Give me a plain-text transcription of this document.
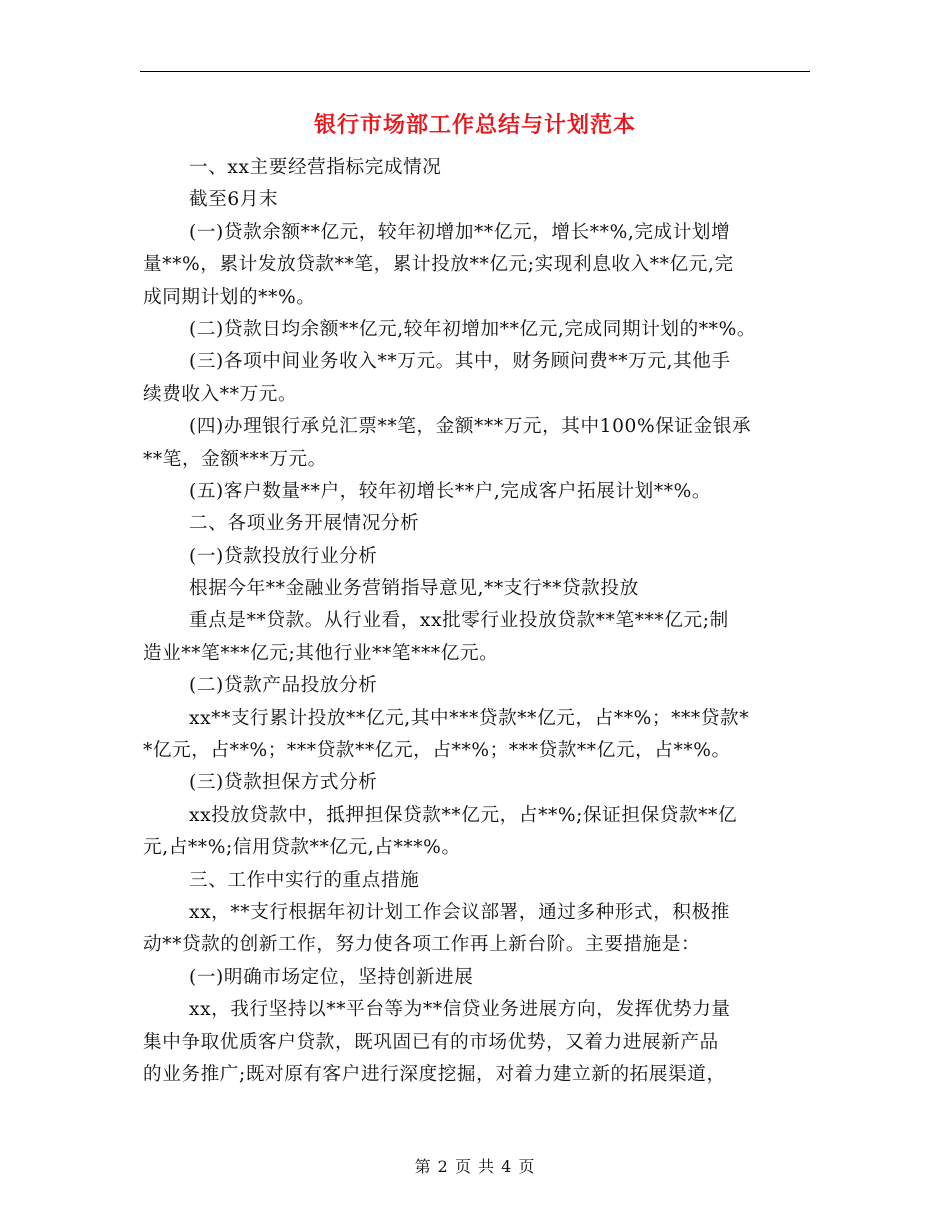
银行市场部工作总结与计划范本
一、xx主要经营指标完成情况
截至6月末
(一)贷款余额**亿元，较年初增加**亿元，增长**%,完成计划增
量**%，累计发放贷款**笔，累计投放**亿元;实现利息收入**亿元,完
成同期计划的**%。
(二)贷款日均余额**亿元,较年初增加**亿元,完成同期计划的**%。
(三)各项中间业务收入**万元。其中，财务顾问费**万元,其他手
续费收入**万元。
(四)办理银行承兑汇票**笔，金额***万元，其中100%保证金银承
**笔，金额***万元。
(五)客户数量**户，较年初增长**户,完成客户拓展计划**%。
二、各项业务开展情况分析
(一)贷款投放行业分析
根据今年**金融业务营销指导意见,**支行**贷款投放
重点是**贷款。从行业看，xx批零行业投放贷款**笔***亿元;制
造业**笔***亿元;其他行业**笔***亿元。
(二)贷款产品投放分析
xx**支行累计投放**亿元,其中***贷款**亿元，占**%；***贷款*
*亿元，占**%；***贷款**亿元，占**%；***贷款**亿元，占**%。
(三)贷款担保方式分析
xx投放贷款中，抵押担保贷款**亿元，占**%;保证担保贷款**亿
元,占**%;信用贷款**亿元,占***%。
三、工作中实行的重点措施
xx，**支行根据年初计划工作会议部署，通过多种形式，积极推
动**贷款的创新工作，努力使各项工作再上新台阶。主要措施是：
(一)明确市场定位，坚持创新进展
xx，我行坚持以**平台等为**信贷业务进展方向，发挥优势力量
集中争取优质客户贷款，既巩固已有的市场优势，又着力进展新产品
的业务推广;既对原有客户进行深度挖掘，对着力建立新的拓展渠道，
第 2 页 共 4 页
